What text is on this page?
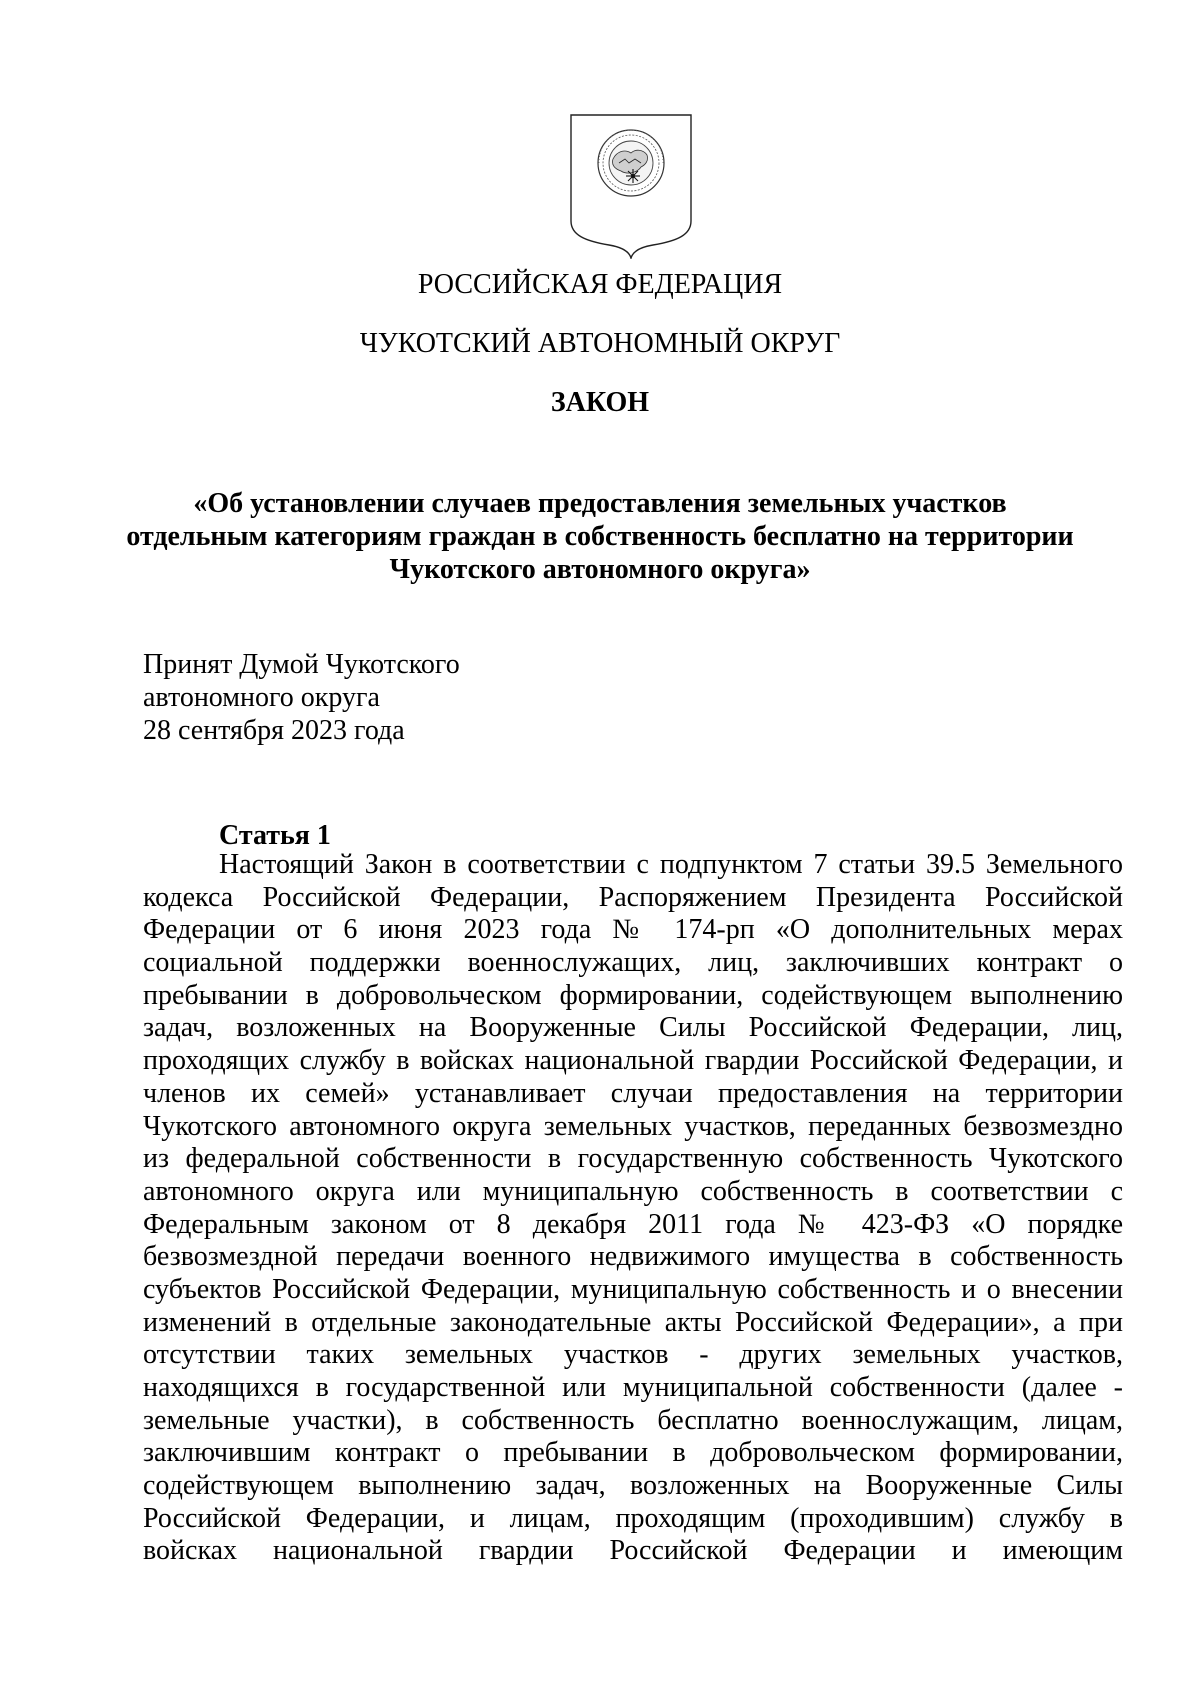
РОССИЙСКАЯ ФЕДЕРАЦИЯ
ЧУКОТСКИЙ АВТОНОМНЫЙ ОКРУГ
ЗАКОН
«Об установлении случаев предоставления земельных участков
отдельным категориям граждан в собственность бесплатно на территории
Чукотского автономного округа»
Принят Думой Чукотского
автономного округа
28 сентября 2023 года
Статья 1
Настоящий Закон в соответствии с подпунктом 7 статьи 39.5 Земельного
кодекса Российской Федерации, Распоряжением Президента Российской
Федерации от 6 июня 2023 года № 174-рп «О дополнительных мерах
социальной поддержки военнослужащих, лиц, заключивших контракт о
пребывании в добровольческом формировании, содействующем выполнению
задач, возложенных на Вооруженные Силы Российской Федерации, лиц,
проходящих службу в войсках национальной гвардии Российской Федерации, и
членов их семей» устанавливает случаи предоставления на территории
Чукотского автономного округа земельных участков, переданных безвозмездно
из федеральной собственности в государственную собственность Чукотского
автономного округа или муниципальную собственность в соответствии с
Федеральным законом от 8 декабря 2011 года № 423-ФЗ «О порядке
безвозмездной передачи военного недвижимого имущества в собственность
субъектов Российской Федерации, муниципальную собственность и о внесении
изменений в отдельные законодательные акты Российской Федерации», а при
отсутствии таких земельных участков - других земельных участков,
находящихся в государственной или муниципальной собственности (далее -
земельные участки), в собственность бесплатно военнослужащим, лицам,
заключившим контракт о пребывании в добровольческом формировании,
содействующем выполнению задач, возложенных на Вооруженные Силы
Российской Федерации, и лицам, проходящим (проходившим) службу в
войсках национальной гвардии Российской Федерации и имеющим
